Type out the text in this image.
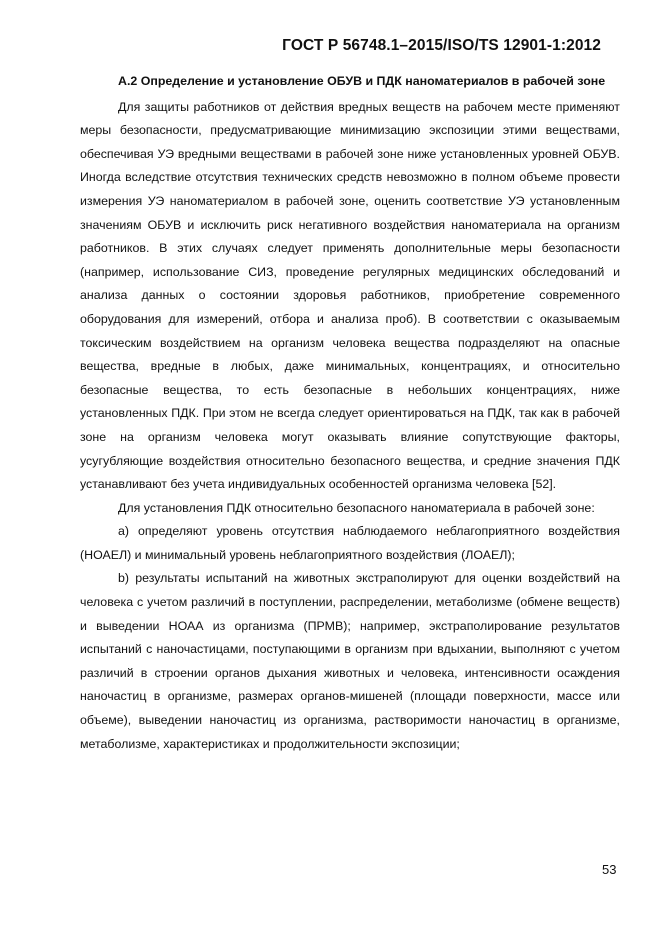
ГОСТ Р 56748.1–2015/ISO/TS 12901-1:2012

А.2 Определение и установление ОБУВ и ПДК наноматериалов в рабочей зоне

Для защиты работников от действия вредных веществ на рабочем месте применяют меры безопасности, предусматривающие минимизацию экспозиции этими веществами, обеспечивая УЭ вредными веществами в рабочей зоне ниже установленных уровней ОБУВ. Иногда вследствие отсутствия технических средств невозможно в полном объеме провести измерения УЭ наноматериалом в рабочей зоне, оценить соответствие УЭ установленным значениям ОБУВ и исключить риск негативного воздействия наноматериала на организм работников. В этих случаях следует применять дополнительные меры безопасности (например, использование СИЗ, проведение регулярных медицинских обследований и анализа данных о состоянии здоровья работников, приобретение современного оборудования для измерений, отбора и анализа проб). В соответствии с оказываемым токсическим воздействием на организм человека вещества подразделяют на опасные вещества, вредные в любых, даже минимальных, концентрациях, и относительно безопасные вещества, то есть безопасные в небольших концентрациях, ниже установленных ПДК. При этом не всегда следует ориентироваться на ПДК, так как в рабочей зоне на организм человека могут оказывать влияние сопутствующие факторы, усугубляющие воздействия относительно безопасного вещества, и средние значения ПДК устанавливают без учета индивидуальных особенностей организма человека [52].

Для установления ПДК относительно безопасного наноматериала в рабочей зоне:

a) определяют уровень отсутствия наблюдаемого неблагоприятного воздействия (НОАЕЛ) и минимальный уровень неблагоприятного воздействия (ЛОАЕЛ);

b) результаты испытаний на животных экстраполируют для оценки воздействий на человека с учетом различий в поступлении, распределении, метаболизме (обмене веществ) и выведении НОАА из организма (ПРМВ); например, экстраполирование результатов испытаний с наночастицами, поступающими в организм при вдыхании, выполняют с учетом различий в строении органов дыхания животных и человека, интенсивности осаждения наночастиц в организме, размерах органов-мишеней (площади поверхности, массе или объеме), выведении наночастиц из организма, растворимости наночастиц в организме, метаболизме, характеристиках и продолжительности экспозиции;

53
